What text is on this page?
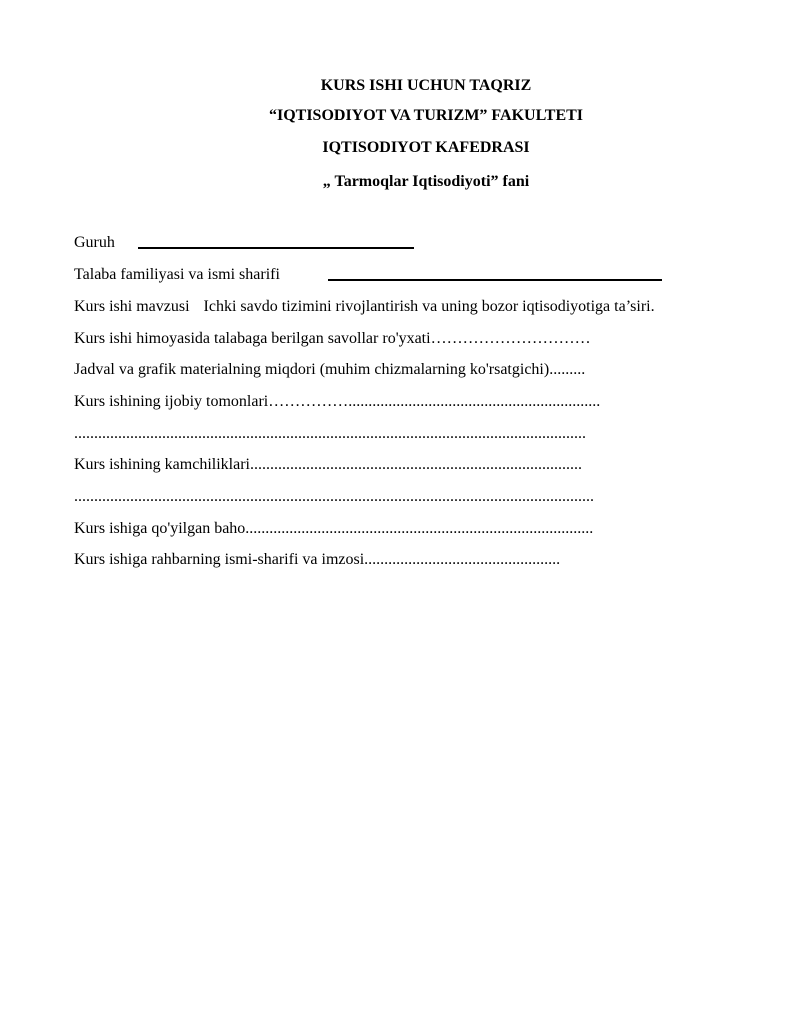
KURS ISHI UCHUN TAQRIZ
“IQTISODIYOT VA TURIZM” FAKULTETI
IQTISODIYOT KAFEDRASI
„ Tarmoqlar Iqtisodiyoti” fani
Guruh
Talaba familiyasi va ismi sharifi
Kurs ishi mavzusi Ichki savdo tizimini rivojlantirish va uning bozor iqtisodiyotiga ta’siri.
Kurs ishi himoyasida talabaga berilgan savollar ro'yxati…………………………
Jadval va grafik materialning miqdori (muhim chizmalarning ko'rsatgichi).........
Kurs ishining ijobiy tomonlari……………...............................................................
................................................................................................................................
Kurs ishining kamchiliklari...................................................................................
..................................................................................................................................
Kurs ishiga qo'yilgan baho.......................................................................................
Kurs ishiga rahbarning ismi-sharifi va imzosi.................................................
